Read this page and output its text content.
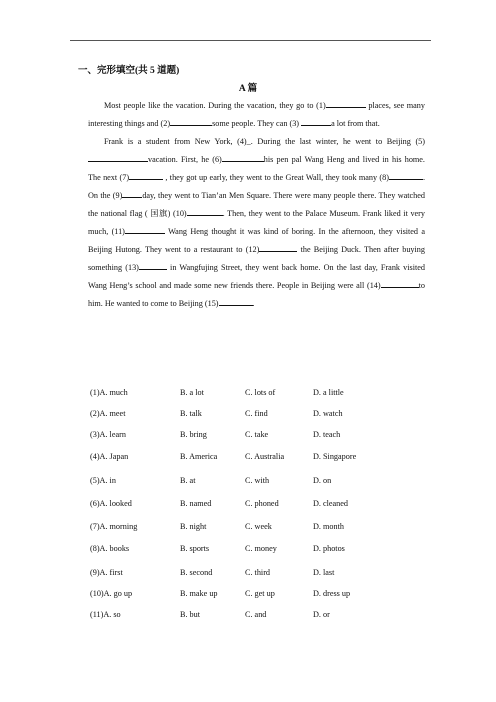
一、完形填空(共 5 道题)
A 篇

Most people like the vacation. During the vacation, they go to (1)	places, see many interesting things and (2)	some people. They can (3)	a lot from that.

Frank is a student from New York, (4)_. During the last winter, he went to Beijing (5)vacation. First, he (6)	his pen pal Wang Heng and lived in his home. The next (7)	, they got up early, they went to the Great Wall, they took many (8)	. On the (9) day, they went to Tian’an Men Square. There were many people there. They watched the national flag ( 国旗) (10)	. Then, they went to the Palace Museum. Frank liked it very much, (11)	Wang Heng thought it was kind of boring. In the afternoon, they visited a Beijing Hutong. They went to a restaurant to (12)	the Beijing Duck. Then after buying something (13)	in Wangfujing Street, they went back home. On the last day, Frank visited Wang Heng’s school and made some new friends there. People in Beijing were all (14)	to him. He wanted to come to Beijing (15)	.

(1)A. much	B. a lot	C. lots of	D. a little
(2)A. meet	B. talk	C. find	D. watch
(3)A. learn	B. bring	C. take	D. teach
(4)A. Japan	B. America	C. Australia	D. Singapore
(5)A. in	B. at	C. with	D. on
(6)A. looked	B. named	C. phoned	D. cleaned
(7)A. morning	B. night	C. week	D. month
(8)A. books	B. sports	C. money	D. photos
(9)A. first	B. second	C. third	D. last
(10)A. go up	B. make up	C. get up	D. dress up
(11)A. so	B. but	C. and	D. or
